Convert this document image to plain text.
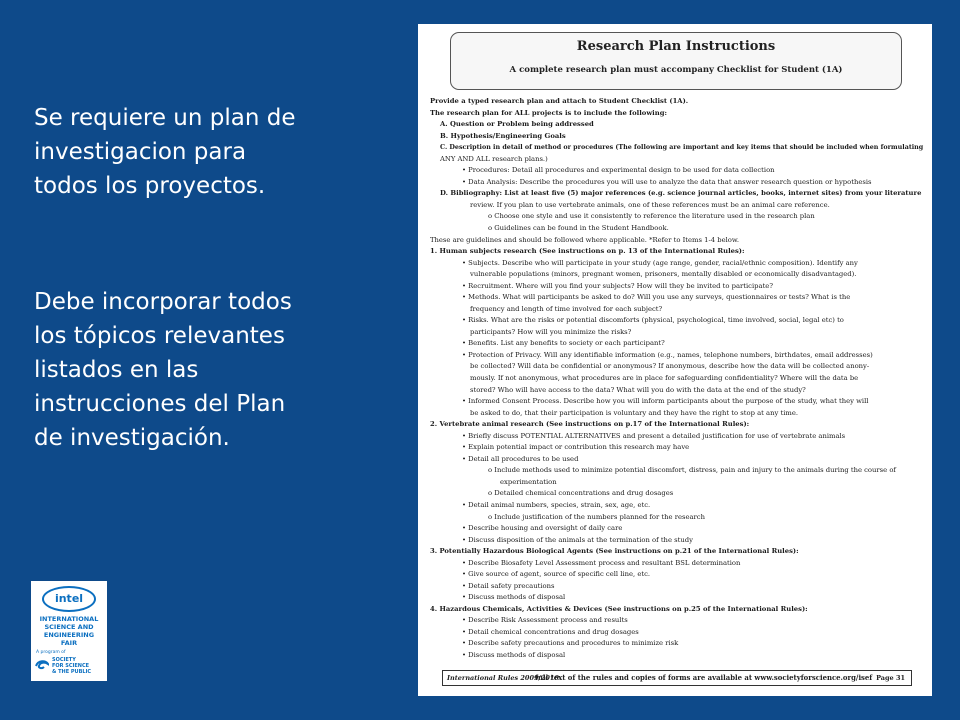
Se requiere un plan de
investigacion para
todos los proyectos.

Debe incorporar todos
los tópicos relevantes
listados en las
instrucciones del Plan
de investigación.

intel
INTERNATIONAL
SCIENCE AND
ENGINEERING
FAIR
A program of
SOCIETY
FOR SCIENCE
& THE PUBLIC
Research Plan Instructions
A complete research plan must accompany Checklist for Student (1A)
Provide a typed research plan and attach to Student Checklist (1A).
The research plan for ALL projects is to include the following:
A. Question or Problem being addressed
B. Hypothesis/Engineering Goals
C. Description in detail of method or procedures (The following are important and key items that should be included when formulating
ANY AND ALL research plans.)
• Procedures: Detail all procedures and experimental design to be used for data collection
• Data Analysis: Describe the procedures you will use to analyze the data that answer research question or hypothesis
D. Bibliography: List at least five (5) major references (e.g. science journal articles, books, internet sites) from your literature
review. If you plan to use vertebrate animals, one of these references must be an animal care reference.
o Choose one style and use it consistently to reference the literature used in the research plan
o Guidelines can be found in the Student Handbook.
These are guidelines and should be followed where applicable. *Refer to Items 1-4 below.
1. Human subjects research (See instructions on p. 13 of the International Rules):
• Subjects. Describe who will participate in your study (age range, gender, racial/ethnic composition). Identify any
vulnerable populations (minors, pregnant women, prisoners, mentally disabled or economically disadvantaged).
• Recruitment. Where will you find your subjects? How will they be invited to participate?
• Methods. What will participants be asked to do? Will you use any surveys, questionnaires or tests? What is the
frequency and length of time involved for each subject?
• Risks. What are the risks or potential discomforts (physical, psychological, time involved, social, legal etc) to
participants? How will you minimize the risks?
• Benefits. List any benefits to society or each participant?
• Protection of Privacy. Will any identifiable information (e.g., names, telephone numbers, birthdates, email addresses)
be collected? Will data be confidential or anonymous? If anonymous, describe how the data will be collected anony-
mously. If not anonymous, what procedures are in place for safeguarding confidentiality? Where will the data be
stored? Who will have access to the data? What will you do with the data at the end of the study?
• Informed Consent Process. Describe how you will inform participants about the purpose of the study, what they will
be asked to do, that their participation is voluntary and they have the right to stop at any time.
2. Vertebrate animal research (See instructions on p.17 of the International Rules):
• Briefly discuss POTENTIAL ALTERNATIVES and present a detailed justification for use of vertebrate animals
• Explain potential impact or contribution this research may have
• Detail all procedures to be used
o Include methods used to minimize potential discomfort, distress, pain and injury to the animals during the course of
experimentation
o Detailed chemical concentrations and drug dosages
• Detail animal numbers, species, strain, sex, age, etc.
o Include justification of the numbers planned for the research
• Describe housing and oversight of daily care
• Discuss disposition of the animals at the termination of the study
3. Potentially Hazardous Biological Agents (See instructions on p.21 of the International Rules):
• Describe Biosafety Level Assessment process and resultant BSL determination
• Give source of agent, source of specific cell line, etc.
• Detail safety precautions
• Discuss methods of disposal
4. Hazardous Chemicals, Activities & Devices (See instructions on p.25 of the International Rules):
• Describe Risk Assessment process and results
• Detail chemical concentrations and drug dosages
• Describe safety precautions and procedures to minimize risk
• Discuss methods of disposal
International Rules 2009/2010
full text of the rules and copies of forms are available at www.societyforscience.org/isef Page 31
